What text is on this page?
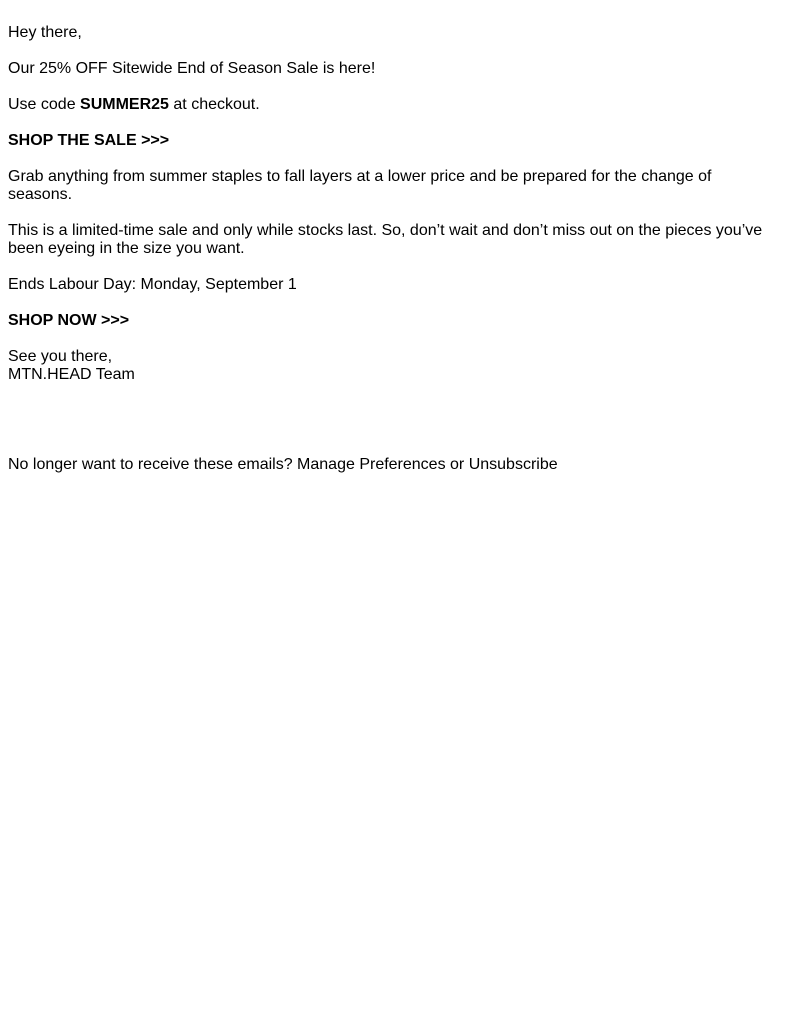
Hey there,

Our 25% OFF Sitewide End of Season Sale is here!

Use code SUMMER25 at checkout.

SHOP THE SALE >>>

Grab anything from summer staples to fall layers at a lower price and be prepared for the change of seasons.

This is a limited-time sale and only while stocks last. So, don’t wait and don’t miss out on the pieces you’ve been eyeing in the size you want.

Ends Labour Day: Monday, September 1

SHOP NOW >>>

See you there,
MTN.HEAD Team

No longer want to receive these emails? Manage Preferences or Unsubscribe
